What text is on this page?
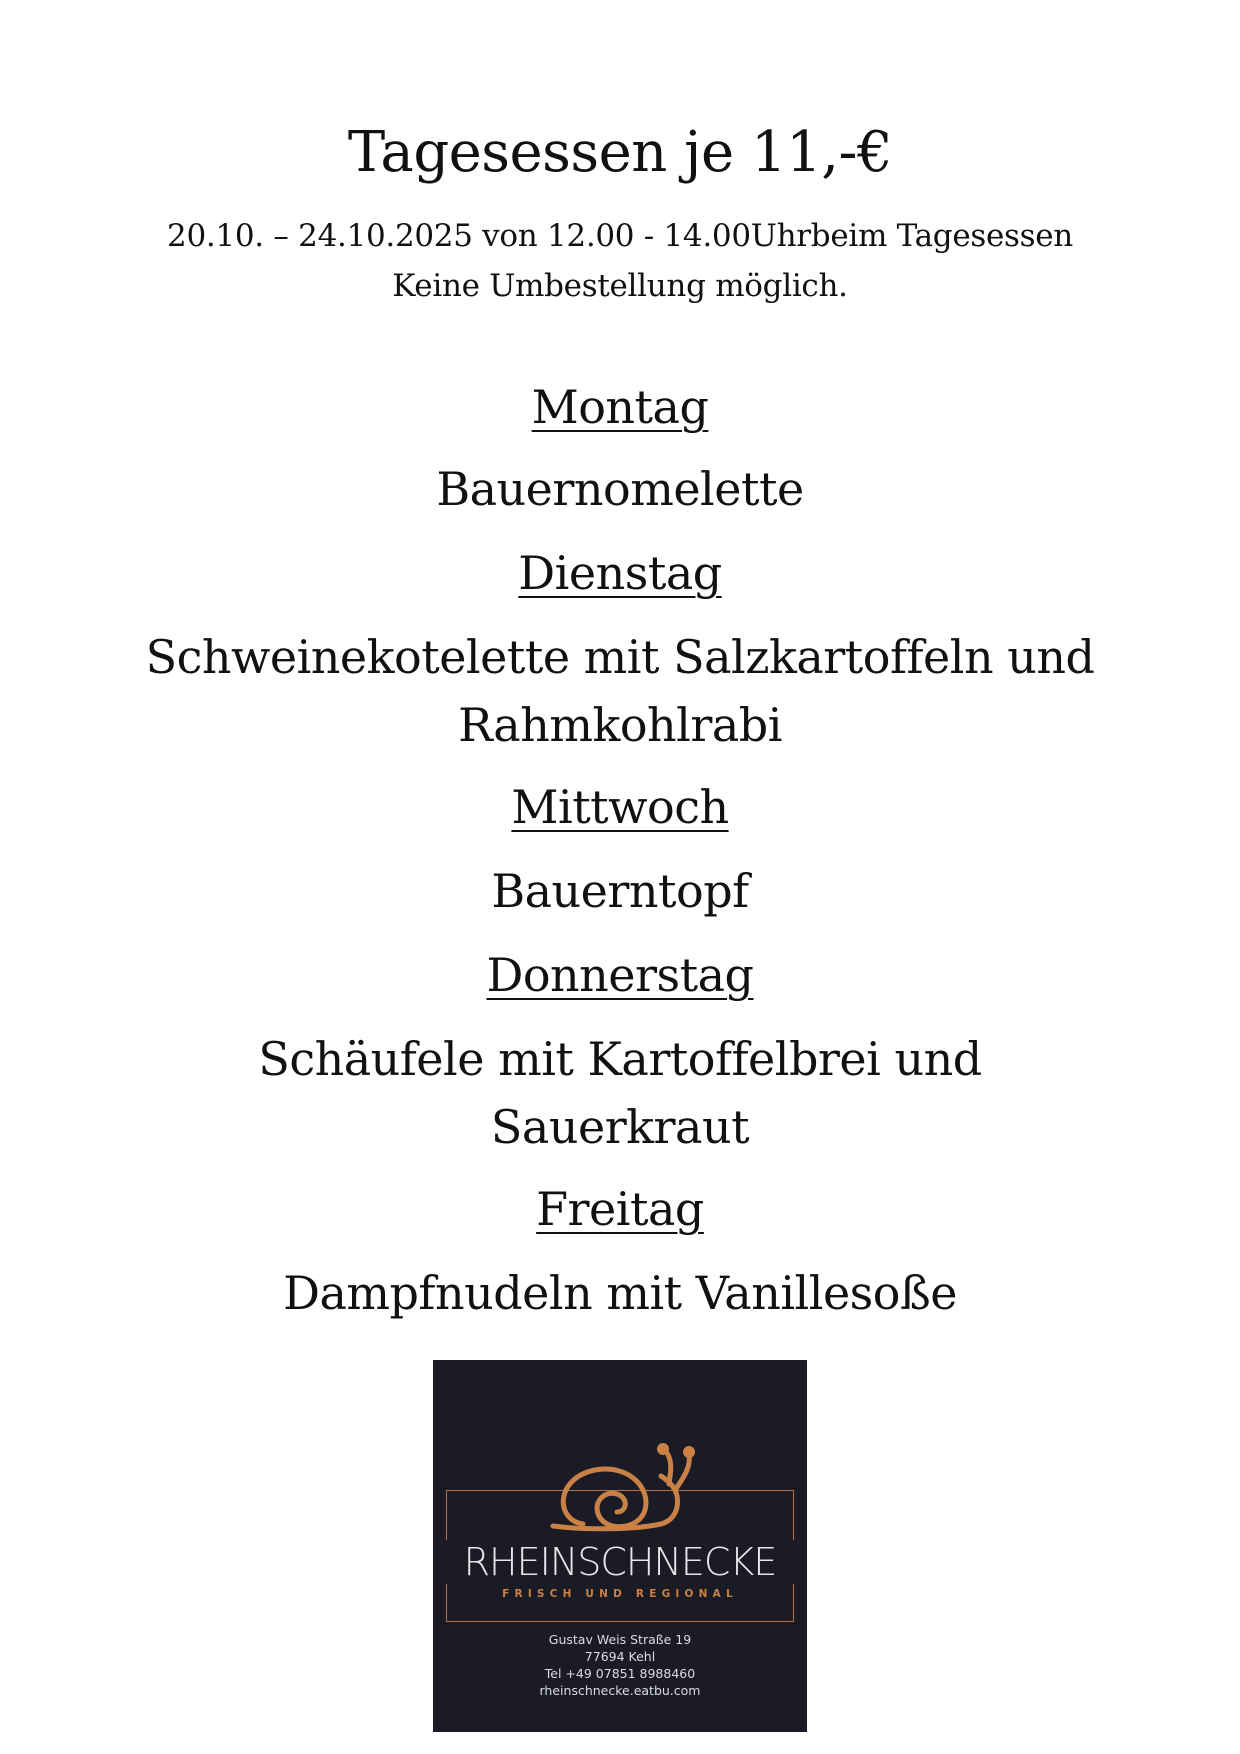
Tagesessen je 11,-€
20.10. – 24.10.2025 von 12.00 - 14.00Uhrbeim Tagesessen
Keine Umbestellung möglich.
Montag
Bauernomelette
Dienstag
Schweinekotelette mit Salzkartoffeln und
Rahmkohlrabi
Mittwoch
Bauerntopf
Donnerstag
Schäufele mit Kartoffelbrei und
Sauerkraut
Freitag
Dampfnudeln mit Vanillesoße
RHEINSCHNECKE
FRISCH UND REGIONAL
Gustav Weis Straße 19
77694 Kehl
Tel +49 07851 8988460
rheinschnecke.eatbu.com
